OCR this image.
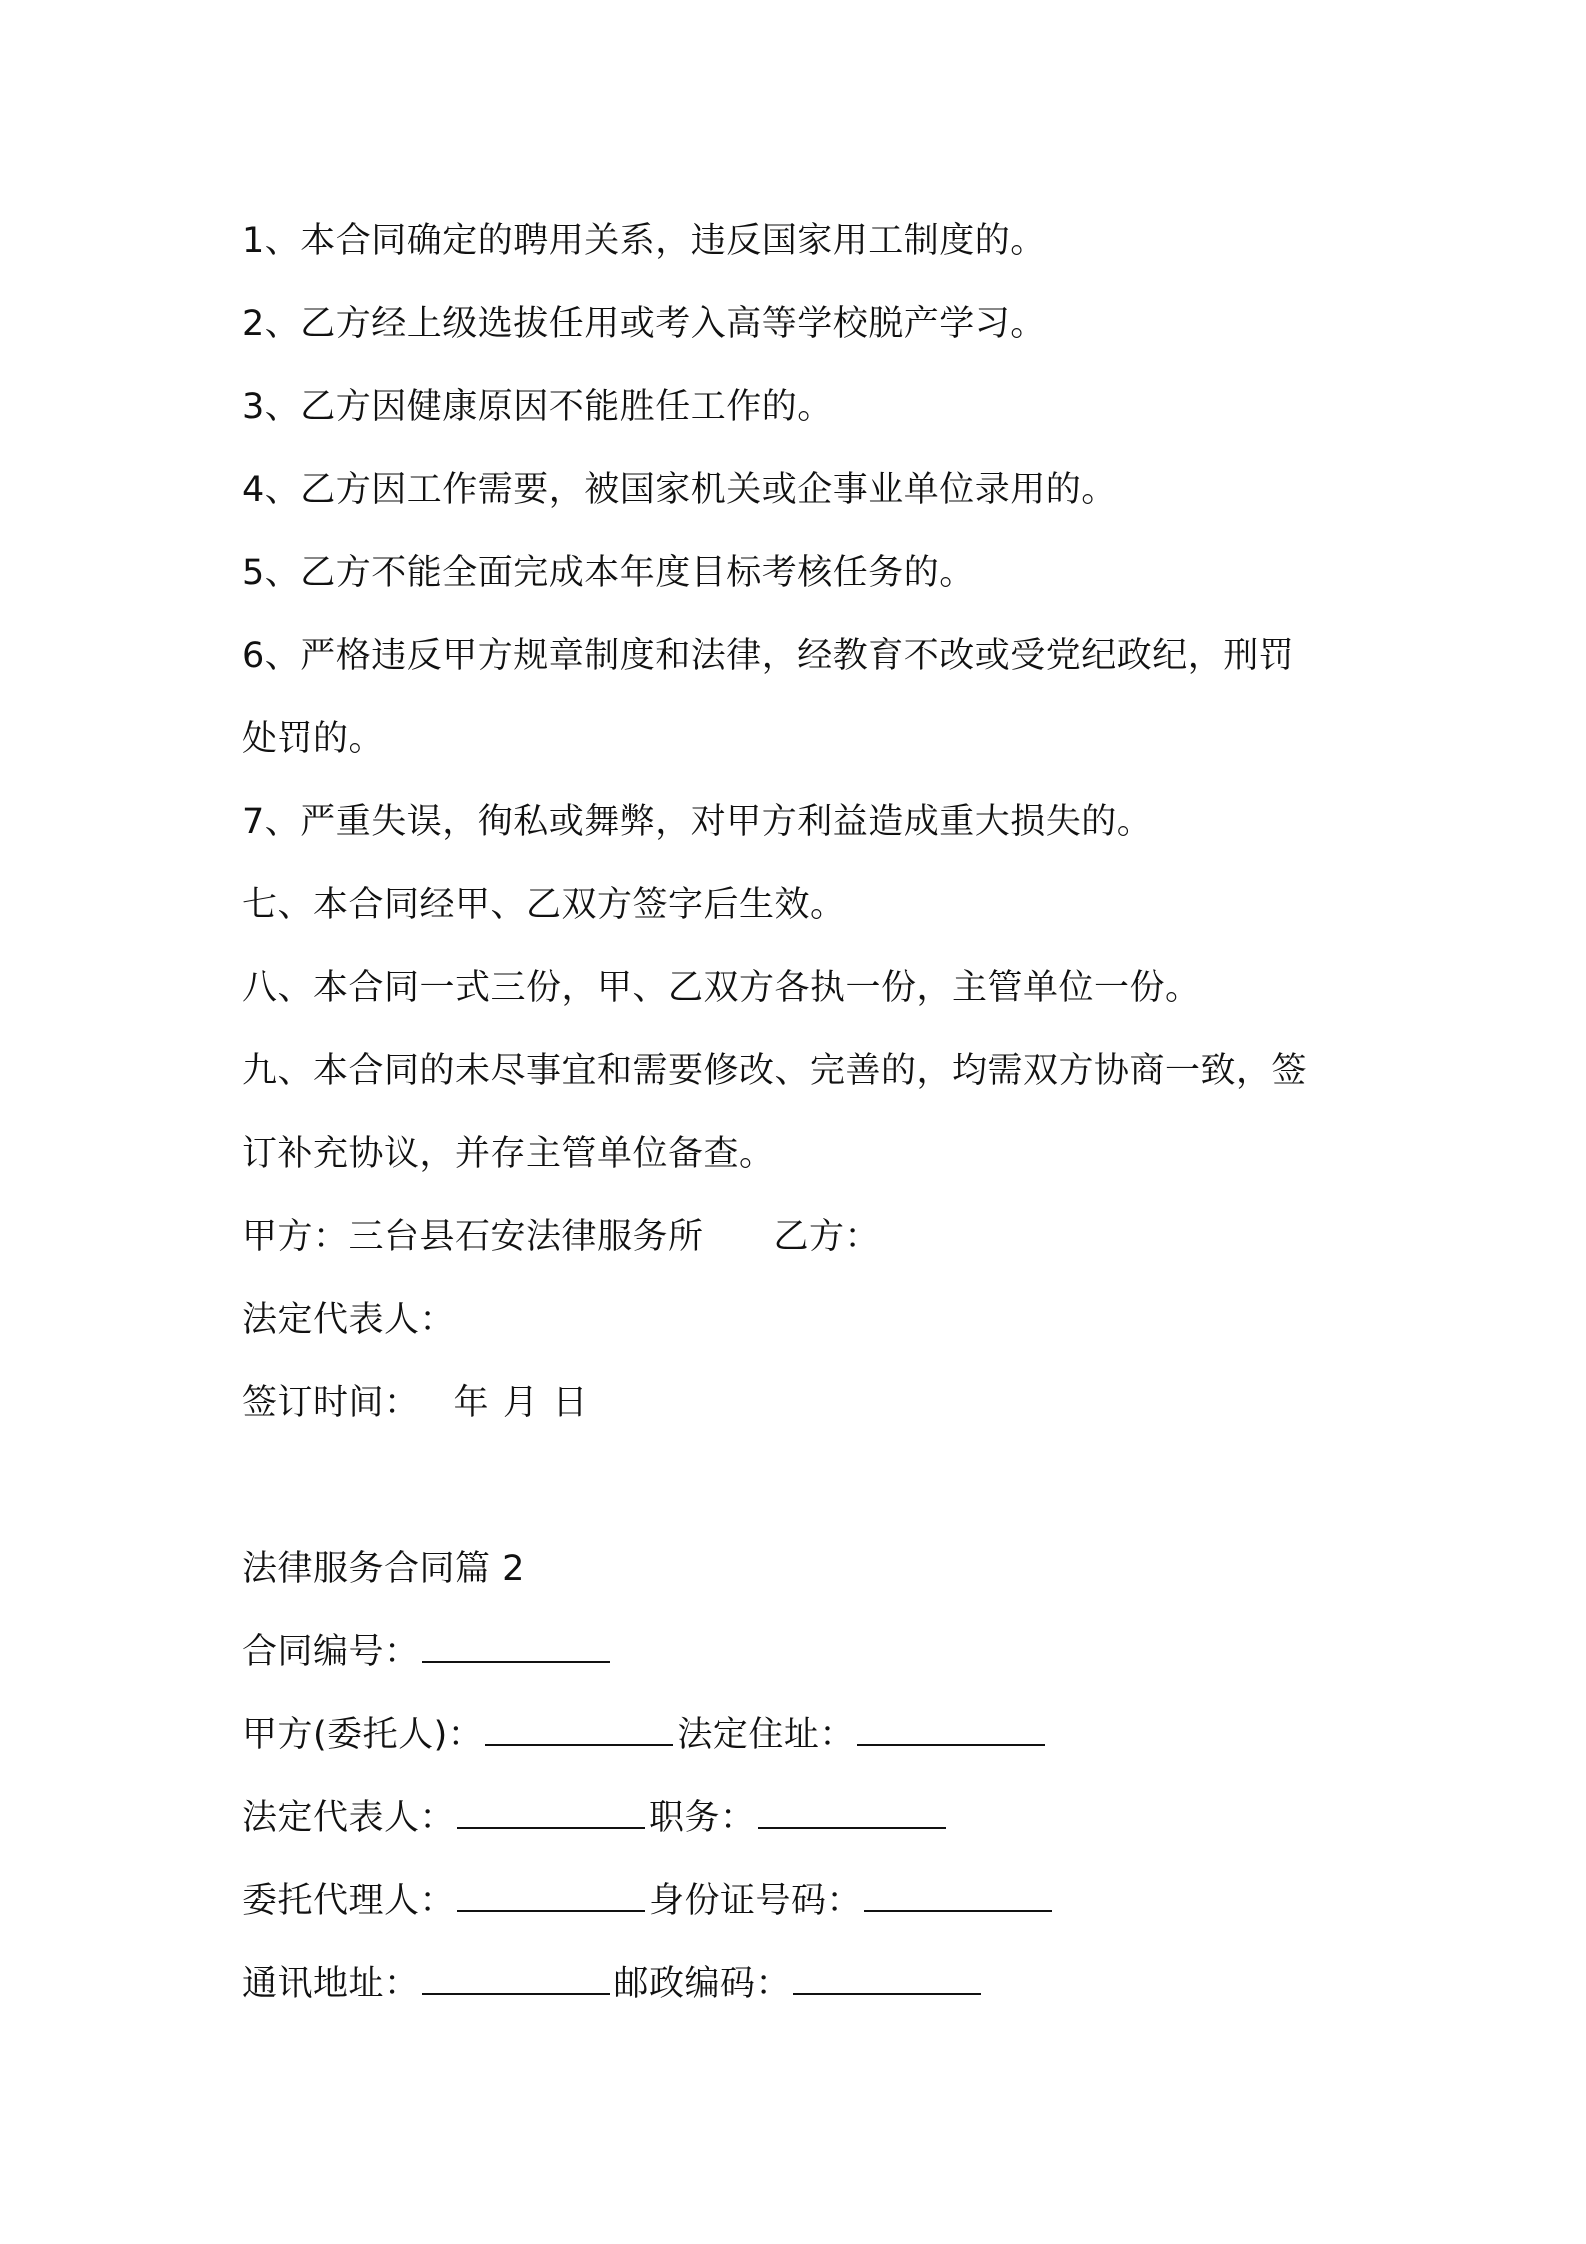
1、本合同确定的聘用关系，违反国家用工制度的。
2、乙方经上级选拔任用或考入高等学校脱产学习。
3、乙方因健康原因不能胜任工作的。
4、乙方因工作需要，被国家机关或企事业单位录用的。
5、乙方不能全面完成本年度目标考核任务的。
6、严格违反甲方规章制度和法律，经教育不改或受党纪政纪，刑罚
处罚的。
7、严重失误，徇私或舞弊，对甲方利益造成重大损失的。
七、本合同经甲、乙双方签字后生效。
八、本合同一式三份，甲、乙双方各执一份，主管单位一份。
九、本合同的未尽事宜和需要修改、完善的，均需双方协商一致，签
订补充协议，并存主管单位备查。
甲方：三台县石安法律服务所 乙方：
法定代表人：
签订时间： 年 月 日
法律服务合同篇 2
合同编号：
甲方(委托人)：	法定住址：
法定代表人：	职务：
委托代理人：	身份证号码：
通讯地址：	邮政编码：
